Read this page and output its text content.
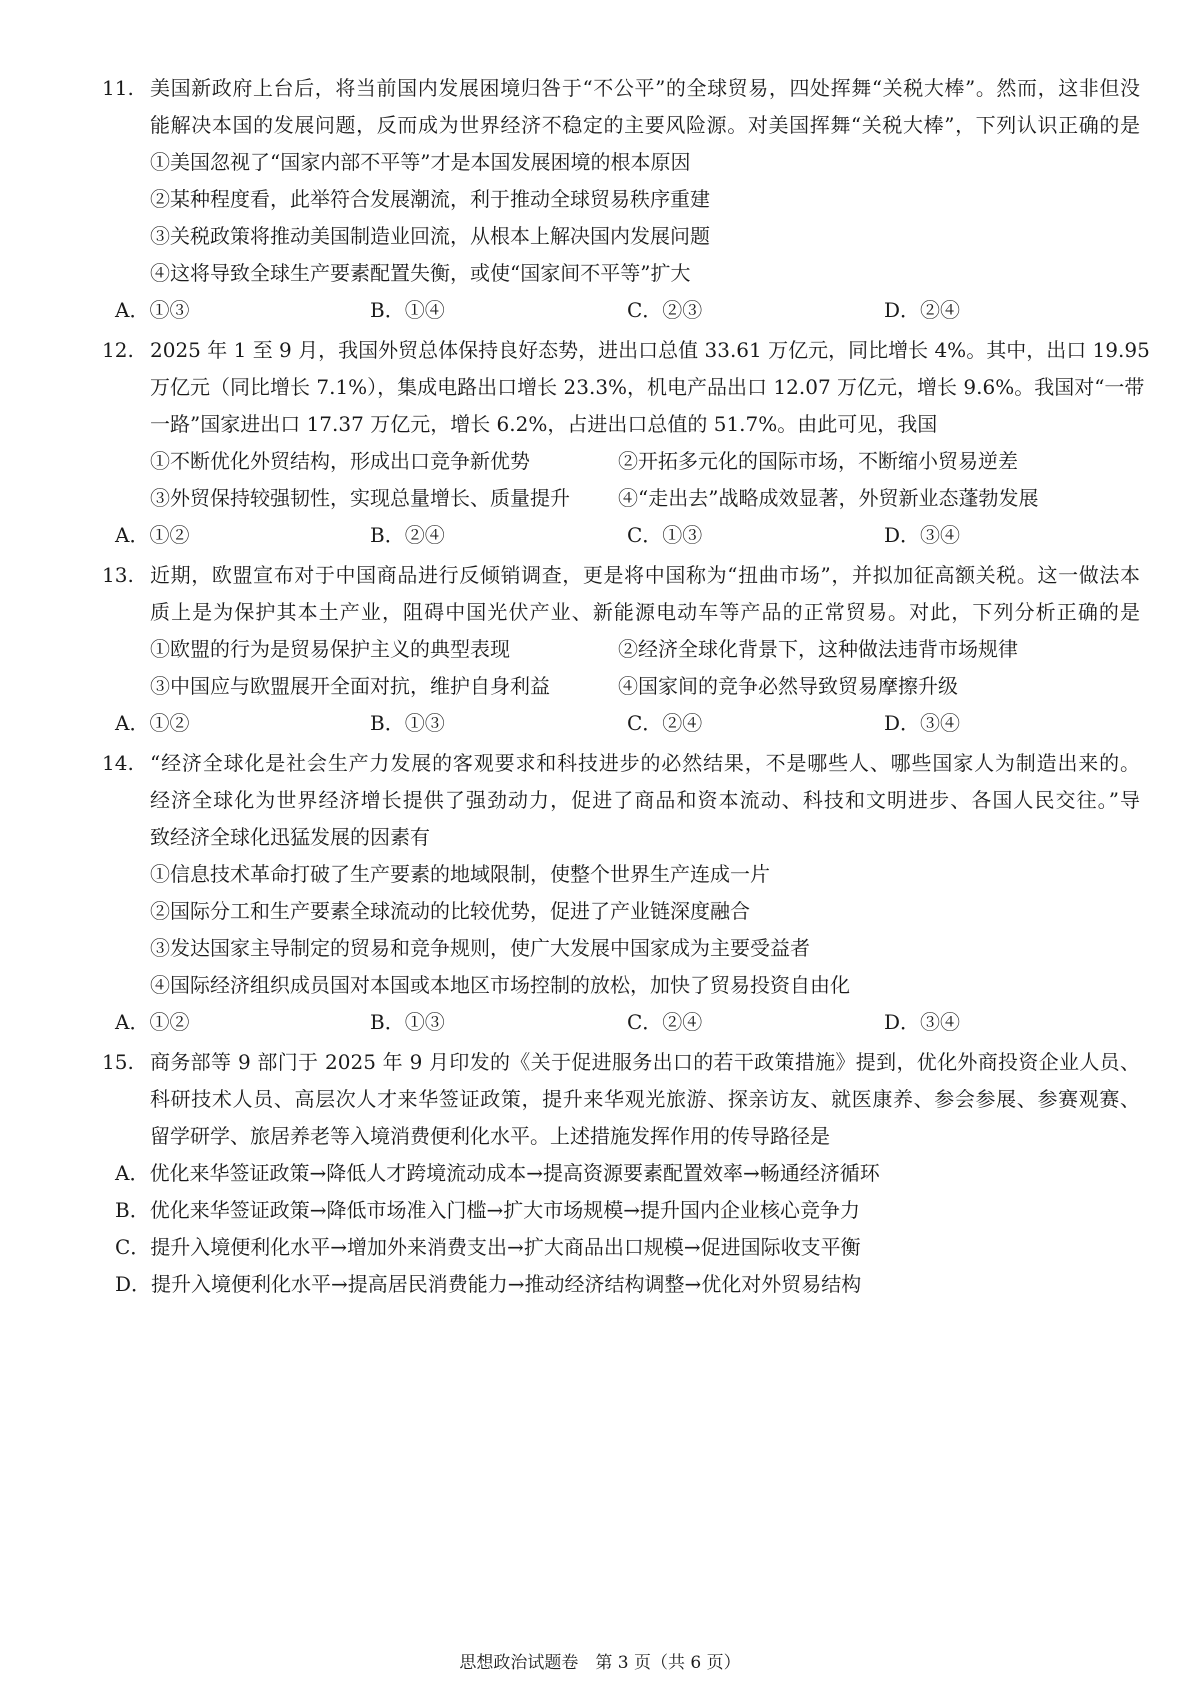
11. 美国新政府上台后，将当前国内发展困境归咎于“不公平”的全球贸易，四处挥舞“关税大棒”。然而，这非但没
能解决本国的发展问题，反而成为世界经济不稳定的主要风险源。对美国挥舞“关税大棒”，下列认识正确的是
①美国忽视了“国家内部不平等”才是本国发展困境的根本原因
②某种程度看，此举符合发展潮流，利于推动全球贸易秩序重建
③关税政策将推动美国制造业回流，从根本上解决国内发展问题
④这将导致全球生产要素配置失衡，或使“国家间不平等”扩大
A．①③	B．①④	C．②③	D．②④
12. 2025 年 1 至 9 月，我国外贸总体保持良好态势，进出口总值 33.61 万亿元，同比增长 4%。其中，出口 19.95
万亿元（同比增长 7.1%），集成电路出口增长 23.3%，机电产品出口 12.07 万亿元，增长 9.6%。我国对“一带
一路”国家进出口 17.37 万亿元，增长 6.2%，占进出口总值的 51.7%。由此可见，我国
①不断优化外贸结构，形成出口竞争新优势	②开拓多元化的国际市场，不断缩小贸易逆差
③外贸保持较强韧性，实现总量增长、质量提升	④“走出去”战略成效显著，外贸新业态蓬勃发展
A．①②	B．②④	C．①③	D．③④
13. 近期，欧盟宣布对于中国商品进行反倾销调查，更是将中国称为“扭曲市场”，并拟加征高额关税。这一做法本
质上是为保护其本土产业，阻碍中国光伏产业、新能源电动车等产品的正常贸易。对此，下列分析正确的是
①欧盟的行为是贸易保护主义的典型表现	②经济全球化背景下，这种做法违背市场规律
③中国应与欧盟展开全面对抗，维护自身利益	④国家间的竞争必然导致贸易摩擦升级
A．①②	B．①③	C．②④	D．③④
14. “经济全球化是社会生产力发展的客观要求和科技进步的必然结果，不是哪些人、哪些国家人为制造出来的。
经济全球化为世界经济增长提供了强劲动力，促进了商品和资本流动、科技和文明进步、各国人民交往。”导
致经济全球化迅猛发展的因素有
①信息技术革命打破了生产要素的地域限制，使整个世界生产连成一片
②国际分工和生产要素全球流动的比较优势，促进了产业链深度融合
③发达国家主导制定的贸易和竞争规则，使广大发展中国家成为主要受益者
④国际经济组织成员国对本国或本地区市场控制的放松，加快了贸易投资自由化
A．①②	B．①③	C．②④	D．③④
15. 商务部等 9 部门于 2025 年 9 月印发的《关于促进服务出口的若干政策措施》提到，优化外商投资企业人员、
科研技术人员、高层次人才来华签证政策，提升来华观光旅游、探亲访友、就医康养、参会参展、参赛观赛、
留学研学、旅居养老等入境消费便利化水平。上述措施发挥作用的传导路径是
A．优化来华签证政策→降低人才跨境流动成本→提高资源要素配置效率→畅通经济循环
B．优化来华签证政策→降低市场准入门槛→扩大市场规模→提升国内企业核心竞争力
C．提升入境便利化水平→增加外来消费支出→扩大商品出口规模→促进国际收支平衡
D．提升入境便利化水平→提高居民消费能力→推动经济结构调整→优化对外贸易结构
思想政治试题卷　第 3 页（共 6 页）
